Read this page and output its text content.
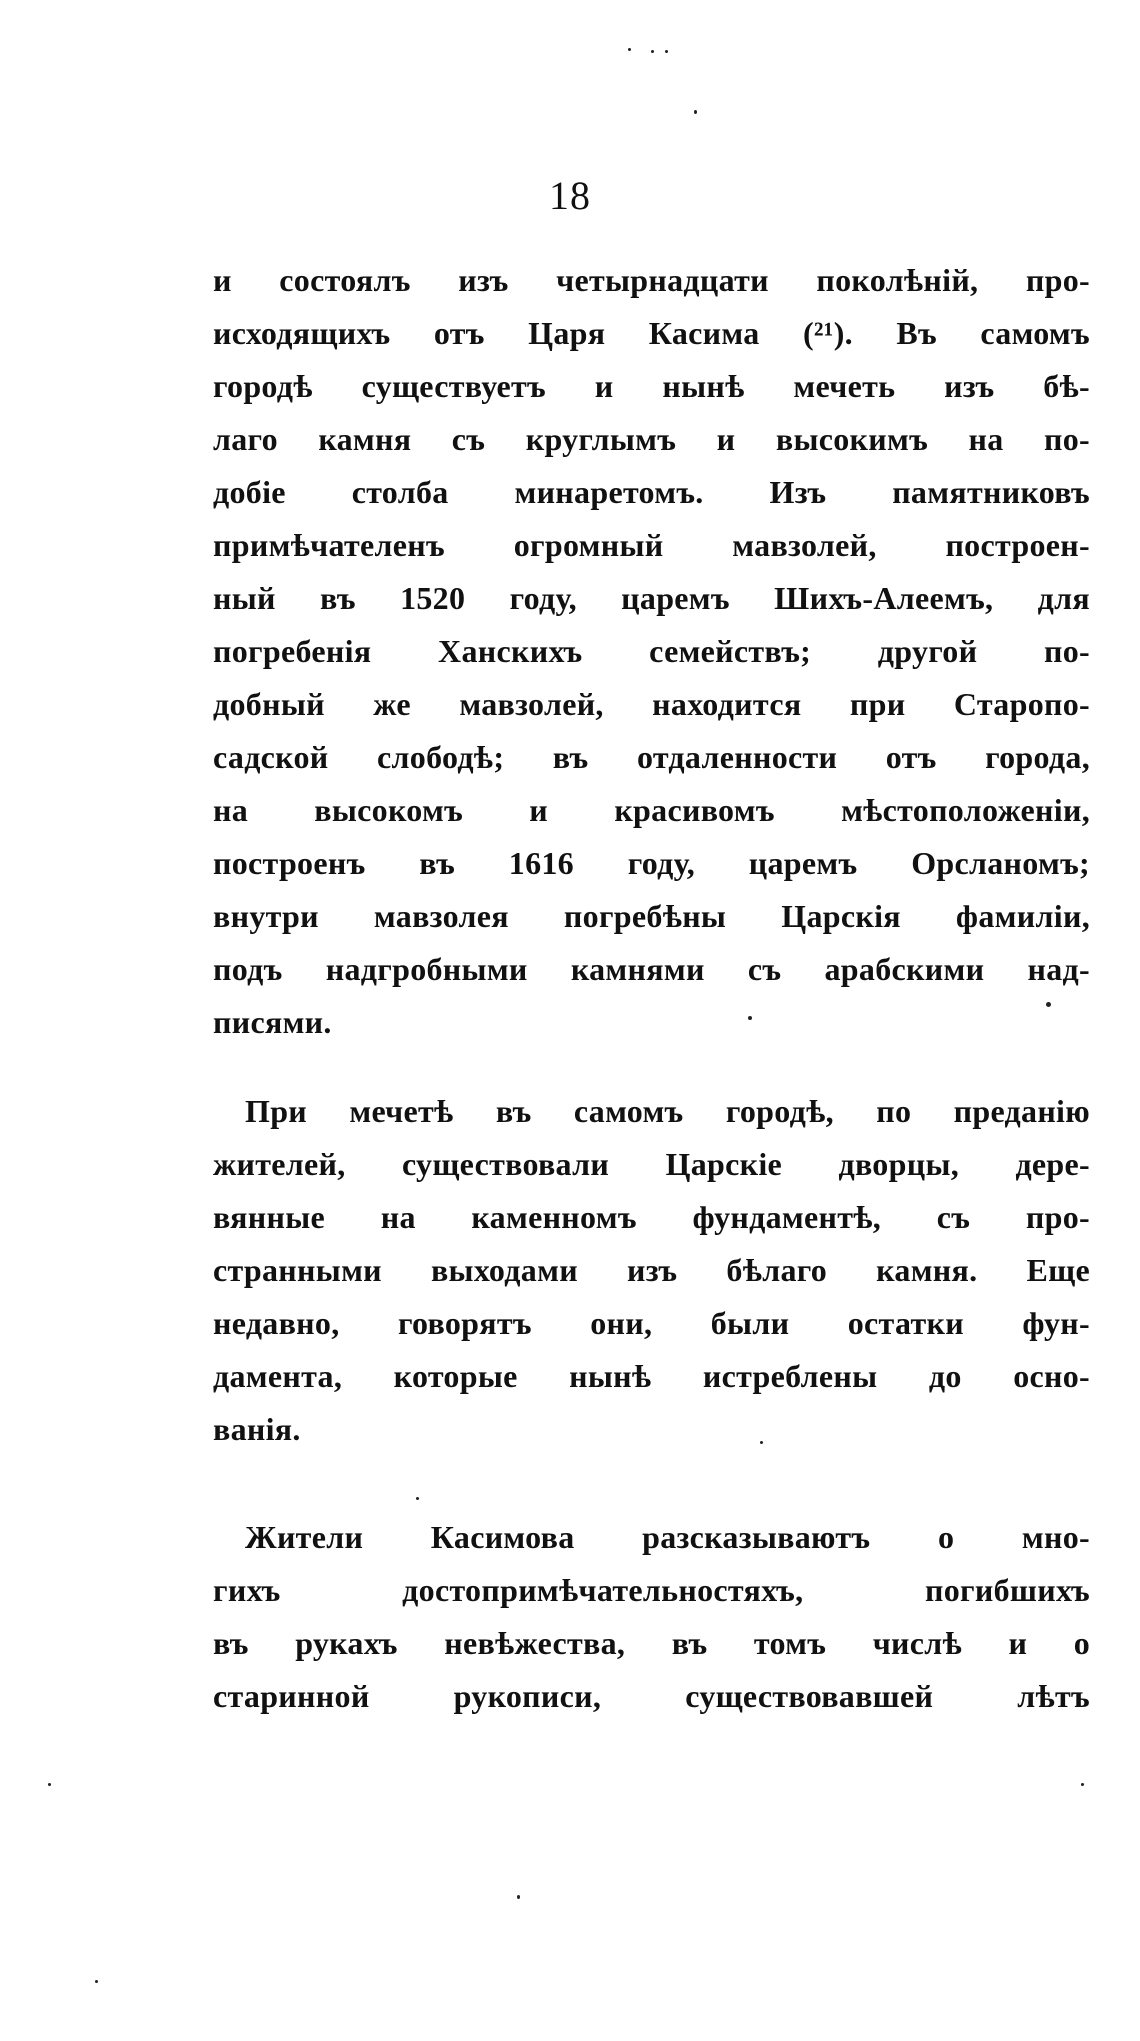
18
и состоялъ изъ четырнадцати поколѣній, про-
исходящихъ отъ Царя Касима (²¹). Въ самомъ
городѣ существуетъ и нынѣ мечеть изъ бѣ-
лаго камня съ круглымъ и высокимъ на по-
добіе столба минаретомъ. Изъ памятниковъ
примѣчателенъ огромный мавзолей, построен-
ный въ 1520 году, царемъ Шихъ-Алеемъ, для
погребенія Ханскихъ семействъ; другой по-
добный же мавзолей, находится при Старопо-
садской слободѣ; въ отдаленности отъ города,
на высокомъ и красивомъ мѣстоположеніи,
построенъ въ 1616 году, царемъ Орсланомъ;
внутри мавзолея погребѣны Царскія фамиліи,
подъ надгробными камнями съ арабскими над-
писями.
При мечетѣ въ самомъ городѣ, по преданію
жителей, существовали Царскіе дворцы, дере-
вянные на каменномъ фундаментѣ, съ про-
странными выходами изъ бѣлаго камня. Еще
недавно, говорятъ они, были остатки фун-
дамента, которые нынѣ истреблены до осно-
ванія.
Жители Касимова разсказываютъ о мно-
гихъ достопримѣчательностяхъ, погибшихъ
въ рукахъ невѣжества, въ томъ числѣ и о
старинной рукописи, существовавшей лѣтъ
